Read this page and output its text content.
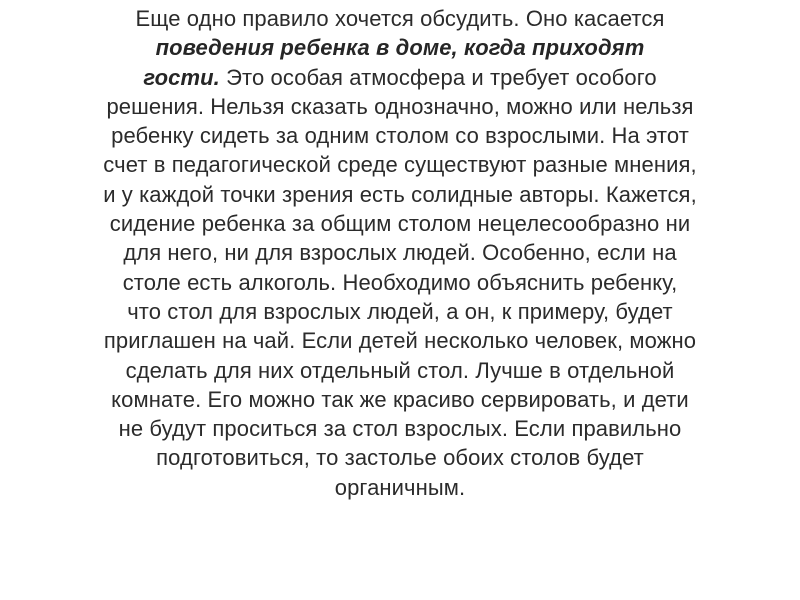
Еще одно правило хочется обсудить. Оно касается
поведения ребенка в доме, когда приходят
гости. Это особая атмосфера и требует особого
решения. Нельзя сказать однозначно, можно или нельзя
ребенку сидеть за одним столом со взрослыми. На этот
счет в педагогической среде существуют разные мнения,
и у каждой точки зрения есть солидные авторы. Кажется,
сидение ребенка за общим столом нецелесообразно ни
для него, ни для взрослых людей. Особенно, если на
столе есть алкоголь. Необходимо объяснить ребенку,
что стол для взрослых людей, а он, к примеру, будет
приглашен на чай. Если детей несколько человек, можно
сделать для них отдельный стол. Лучше в отдельной
комнате. Его можно так же красиво сервировать, и дети
не будут проситься за стол взрослых. Если правильно
подготовиться, то застолье обоих столов будет
органичным.
